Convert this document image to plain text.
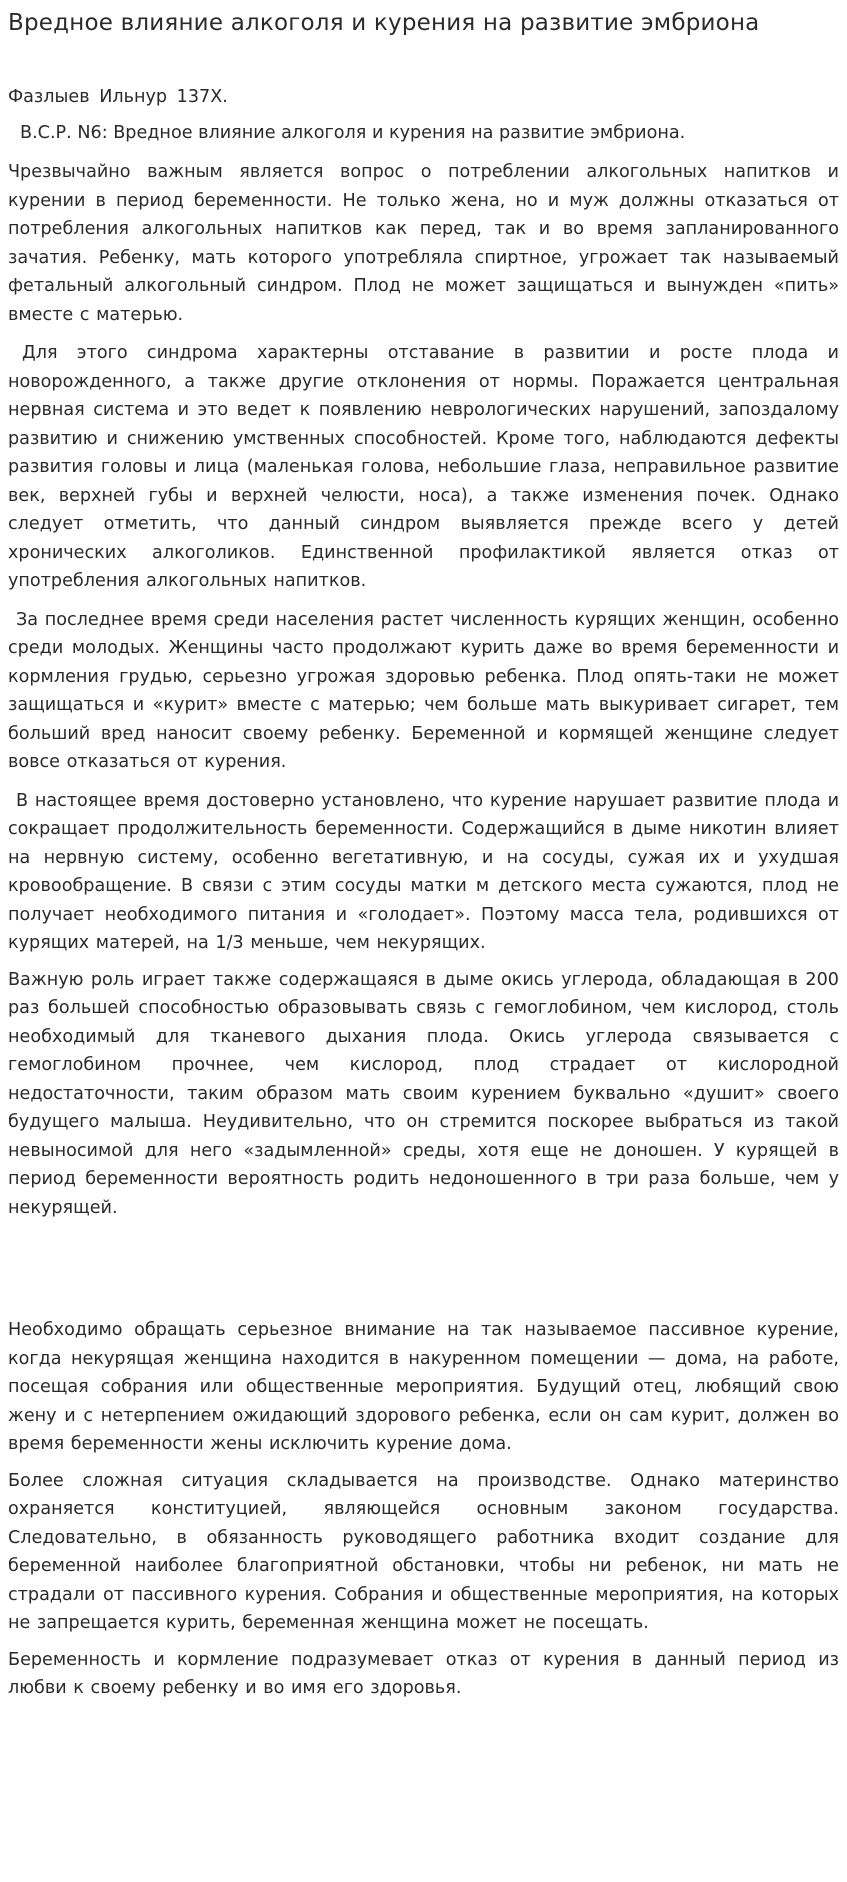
Вредное влияние алкоголя и курения на развитие эмбриона

Фазлыев Ильнур 137Х.

В.С.Р. N6: Вредное влияние алкоголя и курения на развитие эмбриона.

Чрезвычайно важным является вопрос о потреблении алкогольных напитков и курении в период беременности. Не только жена, но и муж должны отказаться от потребления алкогольных напитков как перед, так и во время запланированного зачатия. Ребенку, мать которого употребляла спиртное, угрожает так называемый фетальный алкогольный синдром. Плод не может защищаться и вынужден «пить» вместе с матерью.

Для этого синдрома характерны отставание в развитии и росте плода и новорожденного, а также другие отклонения от нормы. Поражается центральная нервная система и это ведет к появлению неврологических нарушений, запоздалому развитию и снижению умственных способностей. Кроме того, наблюдаются дефекты развития головы и лица (маленькая голова, небольшие глаза, неправильное развитие век, верхней губы и верхней челюсти, носа), а также изменения почек. Однако следует отметить, что данный синдром выявляется прежде всего у детей хронических алкоголиков. Единственной профилактикой является отказ от употребления алкогольных напитков.

За последнее время среди населения растет численность курящих женщин, особенно среди молодых. Женщины часто продолжают курить даже во время беременности и кормления грудью, серьезно угрожая здоровью ребенка. Плод опять-таки не может защищаться и «курит» вместе с матерью; чем больше мать выкуривает сигарет, тем больший вред наносит своему ребенку. Беременной и кормящей женщине следует вовсе отказаться от курения.

В настоящее время достоверно установлено, что курение нарушает развитие плода и сокращает продолжительность беременности. Содержащийся в дыме никотин влияет на нервную систему, особенно вегетативную, и на сосуды, сужая их и ухудшая кровообращение. В связи с этим сосуды матки м детского места сужаются, плод не получает необходимого питания и «голодает». Поэтому масса тела, родившихся от курящих матерей, на 1/3 меньше, чем некурящих.

Важную роль играет также содержащаяся в дыме окись углерода, обладающая в 200 раз большей способностью образовывать связь с гемоглобином, чем кислород, столь необходимый для тканевого дыхания плода. Окись углерода связывается с гемоглобином прочнее, чем кислород, плод страдает от кислородной недостаточности, таким образом мать своим курением буквально «душит» своего будущего малыша. Неудивительно, что он стремится поскорее выбраться из такой невыносимой для него «задымленной» среды, хотя еще не доношен. У курящей в период беременности вероятность родить недоношенного в три раза больше, чем у некурящей.

Необходимо обращать серьезное внимание на так называемое пассивное курение, когда некурящая женщина находится в накуренном помещении — дома, на работе, посещая собрания или общественные мероприятия. Будущий отец, любящий свою жену и с нетерпением ожидающий здорового ребенка, если он сам курит, должен во время беременности жены исключить курение дома.

Более сложная ситуация складывается на производстве. Однако материнство охраняется конституцией, являющейся основным законом государства. Следовательно, в обязанность руководящего работника входит создание для беременной наиболее благоприятной обстановки, чтобы ни ребенок, ни мать не страдали от пассивного курения. Собрания и общественные мероприятия, на которых не запрещается курить, беременная женщина может не посещать.

Беременность и кормление подразумевает отказ от курения в данный период из любви к своему ребенку и во имя его здоровья.
